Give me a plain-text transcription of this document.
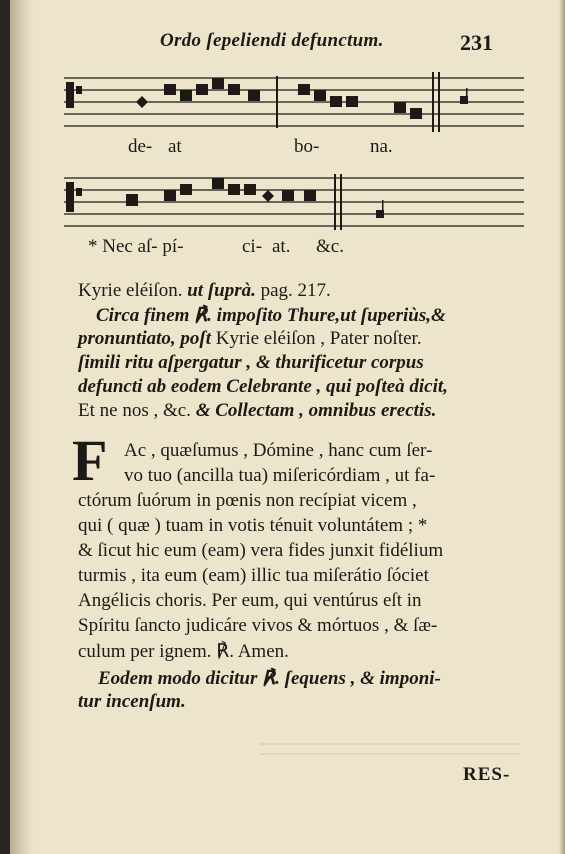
Ordo ſepeliendi defunctum.	231
de- at	bo-	na.
* Nec aſ- pí-	ci- at. &c.
Kyrie eléiſon. ut ſuprà. pag. 217.
Circa finem ℟. impoſito Thure,ut ſuperiùs,&
pronuntiato, poſt Kyrie eléiſon , Pater noſter.
ſimili ritu aſpergatur , & thurificetur corpus
defuncti ab eodem Celebrante , qui poſteà dicit,
Et ne nos , &c. & Collectam , omnibus erectis.
F Ac , quæſumus , Dómine , hanc cum ſer-
vo tuo (ancilla tua) miſericórdiam , ut fa-
ctórum ſuórum in pœnis non recípiat vicem ,
qui ( quæ ) tuam in votis ténuit voluntátem ; *
& ſicut hic eum (eam) vera fides junxit fidélium
turmis , ita eum (eam) illic tua miſerátio ſóciet
Angélicis choris. Per eum, qui ventúrus eſt in
Spíritu ſancto judicáre vivos & mórtuos , & ſæ-
culum per ignem. ℟. Amen.
Eodem modo dicitur ℟. ſequens , & imponi-
tur incenſum.
RES-
